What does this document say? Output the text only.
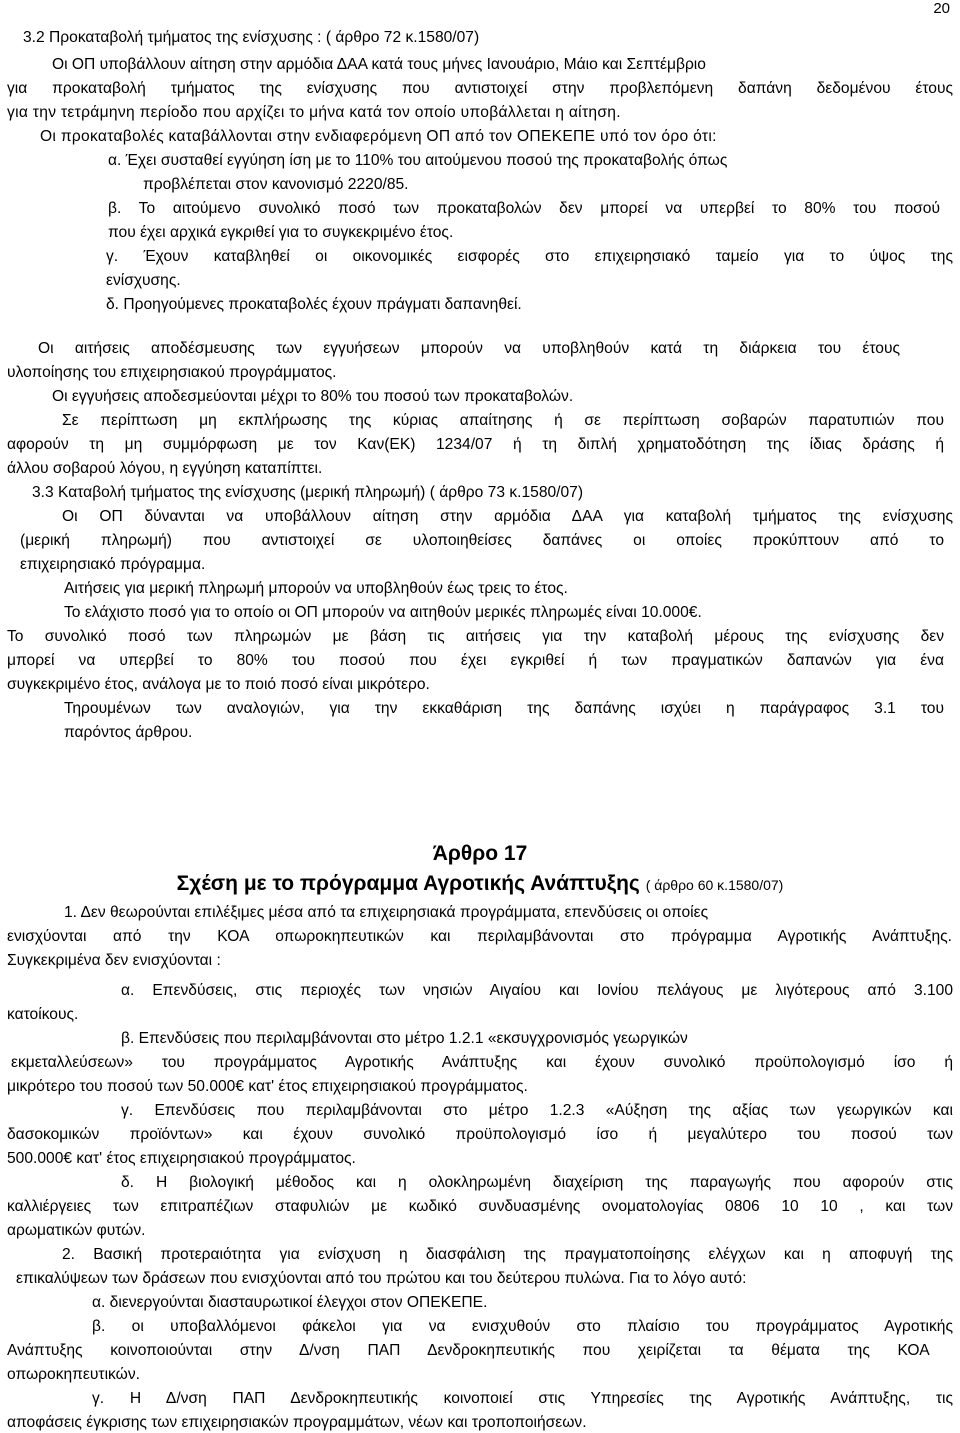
20
3.2 Προκαταβολή τμήματος της ενίσχυσης : ( άρθρο 72 κ.1580/07)
Οι ΟΠ υποβάλλουν αίτηση στην αρμόδια ΔΑΑ κατά τους μήνες Ιανουάριο, Μάιο και Σεπτέμβριο
για προκαταβολή τμήματος της ενίσχυσης που αντιστοιχεί στην προβλεπόμενη δαπάνη δεδομένου έτους
για την τετράμηνη περίοδο που αρχίζει το μήνα κατά τον οποίο υποβάλλεται η αίτηση.
Οι προκαταβολές καταβάλλονται στην ενδιαφερόμενη ΟΠ από τον ΟΠΕΚΕΠΕ υπό τον όρο ότι:
α. Έχει συσταθεί εγγύηση ίση με το 110% του αιτούμενου ποσού της προκαταβολής όπως
προβλέπεται στον κανονισμό 2220/85.
β. Το αιτούμενο συνολικό ποσό των προκαταβολών δεν μπορεί να υπερβεί το 80% του ποσού
που έχει αρχικά εγκριθεί για το συγκεκριμένο έτος.
γ. Έχουν καταβληθεί οι οικονομικές εισφορές στο επιχειρησιακό ταμείο για το ύψος της
ενίσχυσης.
δ. Προηγούμενες προκαταβολές έχουν πράγματι δαπανηθεί.
Οι αιτήσεις αποδέσμευσης των εγγυήσεων μπορούν να υποβληθούν κατά τη διάρκεια του έτους
υλοποίησης του επιχειρησιακού προγράμματος.
Οι εγγυήσεις αποδεσμεύονται μέχρι το 80% του ποσού των προκαταβολών.
Σε περίπτωση μη εκπλήρωσης της κύριας απαίτησης ή σε περίπτωση σοβαρών παρατυπιών που
αφορούν τη μη συμμόρφωση με τον Καν(ΕΚ) 1234/07 ή τη διπλή χρηματοδότηση της ίδιας δράσης ή
άλλου σοβαρού λόγου, η εγγύηση καταπίπτει.
3.3 Καταβολή τμήματος της ενίσχυσης (μερική πληρωμή) ( άρθρο 73 κ.1580/07)
Οι ΟΠ δύνανται να υποβάλλουν αίτηση στην αρμόδια ΔΑΑ για καταβολή τμήματος της ενίσχυσης
(μερική πληρωμή) που αντιστοιχεί σε υλοποιηθείσες δαπάνες οι οποίες προκύπτουν από το
επιχειρησιακό πρόγραμμα.
Αιτήσεις για μερική πληρωμή μπορούν να υποβληθούν έως τρεις το έτος.
Το ελάχιστο ποσό για το οποίο οι ΟΠ μπορούν να αιτηθούν μερικές πληρωμές είναι 10.000€.
Το συνολικό ποσό των πληρωμών με βάση τις αιτήσεις για την καταβολή μέρους της ενίσχυσης δεν
μπορεί να υπερβεί το 80% του ποσού που έχει εγκριθεί ή των πραγματικών δαπανών για ένα
συγκεκριμένο έτος, ανάλογα με το ποιό ποσό είναι μικρότερο.
Τηρουμένων των αναλογιών, για την εκκαθάριση της δαπάνης ισχύει η παράγραφος 3.1 του
παρόντος άρθρου.
Άρθρο 17
Σχέση με το πρόγραμμα Αγροτικής Ανάπτυξης ( άρθρο 60 κ.1580/07)
1. Δεν θεωρούνται επιλέξιμες μέσα από τα επιχειρησιακά προγράμματα, επενδύσεις οι οποίες
ενισχύονται από την ΚΟΑ οπωροκηπευτικών και περιλαμβάνονται στο πρόγραμμα Αγροτικής Ανάπτυξης.
Συγκεκριμένα δεν ενισχύονται :
α. Επενδύσεις, στις περιοχές των νησιών Αιγαίου και Ιονίου πελάγους με λιγότερους από 3.100
κατοίκους.
β. Επενδύσεις που περιλαμβάνονται στο μέτρο 1.2.1 «εκσυγχρονισμός γεωργικών
εκμεταλλεύσεων» του προγράμματος Αγροτικής Ανάπτυξης και έχουν συνολικό προϋπολογισμό ίσο ή
μικρότερο του ποσού των 50.000€ κατ' έτος επιχειρησιακού προγράμματος.
γ. Επενδύσεις που περιλαμβάνονται στο μέτρο 1.2.3 «Αύξηση της αξίας των γεωργικών και
δασοκομικών προϊόντων» και έχουν συνολικό προϋπολογισμό ίσο ή μεγαλύτερο του ποσού των
500.000€ κατ' έτος επιχειρησιακού προγράμματος.
δ. Η βιολογική μέθοδος και η ολοκληρωμένη διαχείριση της παραγωγής που αφορούν στις
καλλιέργειες των επιτραπέζιων σταφυλιών με κωδικό συνδυασμένης ονοματολογίας 0806 10 10 , και των
αρωματικών φυτών.
2. Βασική προτεραιότητα για ενίσχυση η διασφάλιση της πραγματοποίησης ελέγχων και η αποφυγή της
επικαλύψεων των δράσεων που ενισχύονται από του πρώτου και του δεύτερου πυλώνα. Για το λόγο αυτό:
α. διενεργούνται διασταυρωτικοί έλεγχοι στον ΟΠΕΚΕΠΕ.
β. οι υποβαλλόμενοι φάκελοι για να ενισχυθούν στο πλαίσιο του προγράμματος Αγροτικής
Ανάπτυξης κοινοποιούνται στην Δ/νση ΠΑΠ Δενδροκηπευτικής που χειρίζεται τα θέματα της ΚΟΑ
οπωροκηπευτικών.
γ. Η Δ/νση ΠΑΠ Δενδροκηπευτικής κοινοποιεί στις Υπηρεσίες της Αγροτικής Ανάπτυξης, τις
αποφάσεις έγκρισης των επιχειρησιακών προγραμμάτων, νέων και τροποποιήσεων.
